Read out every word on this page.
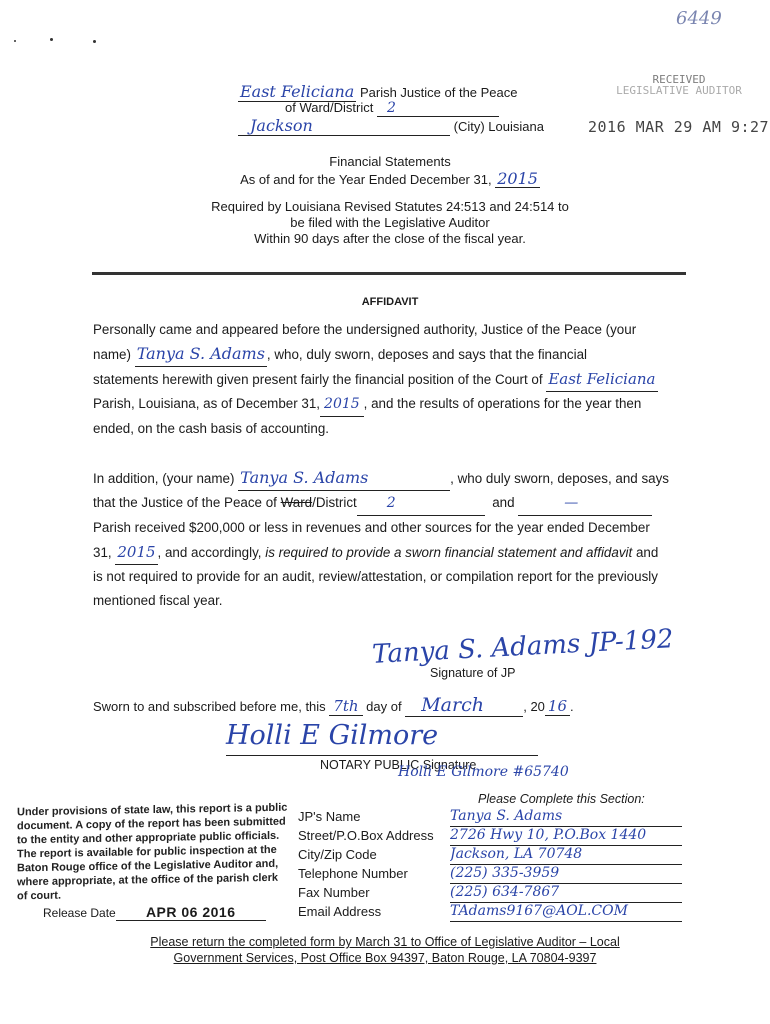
6449
RECEIVED
LEGISLATIVE AUDITOR
2016 MAR 29 AM 9:27
East Feliciana Parish Justice of the Peace
of Ward/District 2
Jackson	(City) Louisiana
Financial Statements
As of and for the Year Ended December 31, 2015
Required by Louisiana Revised Statutes 24:513 and 24:514 to
be filed with the Legislative Auditor
Within 90 days after the close of the fiscal year.
AFFIDAVIT
Personally came and appeared before the undersigned authority, Justice of the Peace (your
name) Tanya S. Adams , who, duly sworn, deposes and says that the financial
statements herewith given present fairly the financial position of the Court of East Feliciana
Parish, Louisiana, as of December 31, 2015 , and the results of operations for the year then
ended, on the cash basis of accounting.
In addition, (your name) Tanya S. Adams	, who duly sworn, deposes, and says
that the Justice of the Peace of Ward/District 2	and	—
Parish received $200,000 or less in revenues and other sources for the year ended December
31, 2015 , and accordingly, is required to provide a sworn financial statement and affidavit and
is not required to provide for an audit, review/attestation, or compilation report for the previously
mentioned fiscal year.
Tanya S. Adams JP-192
Signature of JP
Sworn to and subscribed before me, this 7th day of March	, 20 16 .
Holli E Gilmore
NOTARY PUBLIC Signature
Holli E Gilmore #65740
Under provisions of state law, this report is a public document. A copy of the report has been submitted to the entity and other appropriate public officials. The report is available for public inspection at the Baton Rouge office of the Legislative Auditor and, where appropriate, at the office of the parish clerk of court.
Release Date APR 06 2016
Please Complete this Section:
JP's Name	Tanya S. Adams
Street/P.O.Box Address	2726 Hwy 10, P.O.Box 1440
City/Zip Code	Jackson, LA 70748
Telephone Number	(225) 335-3959
Fax Number	(225) 634-7867
Email Address	TAdams9167@AOL.COM
Please return the completed form by March 31 to Office of Legislative Auditor – Local
Government Services, Post Office Box 94397, Baton Rouge, LA 70804-9397
